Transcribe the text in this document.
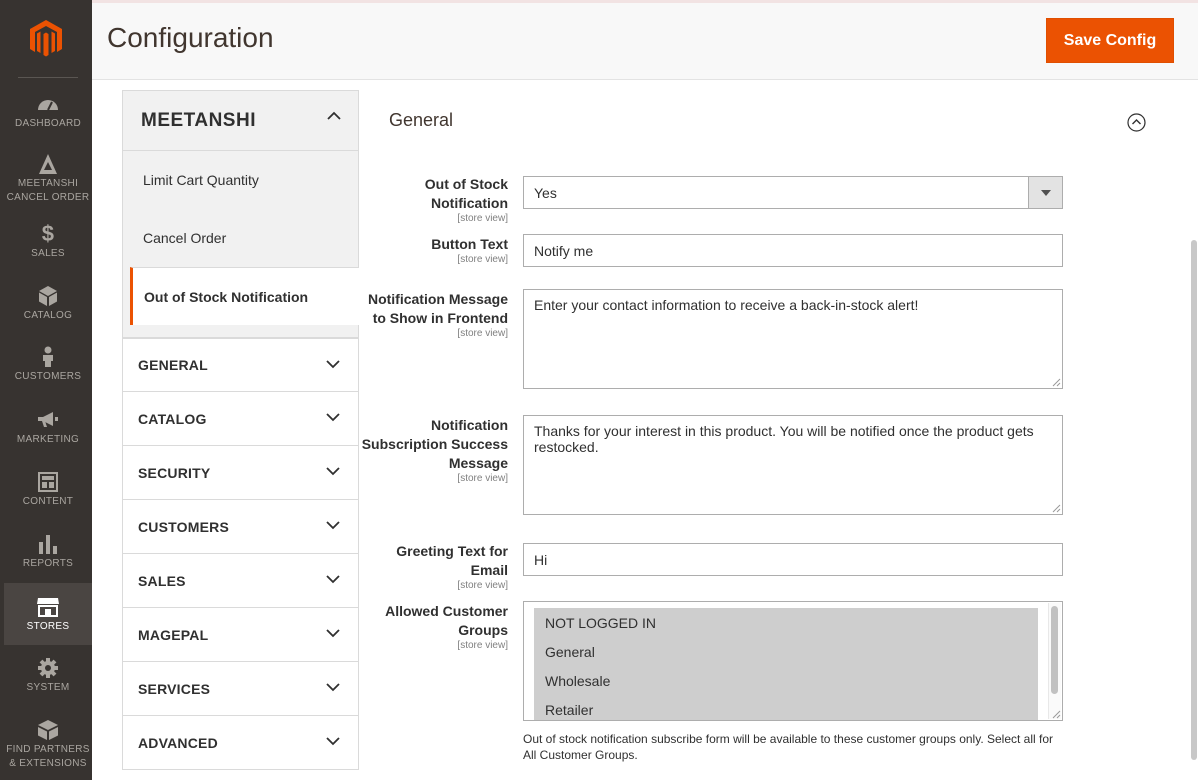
DASHBOARD
MEETANSHI
CANCEL ORDER
$
SALES
CATALOG
CUSTOMERS
MARKETING
CONTENT
REPORTS
STORES
SYSTEM
FIND PARTNERS
& EXTENSIONS
Configuration	Save Config
MEETANSHI
Limit Cart Quantity
Cancel Order
Out of Stock Notification
GENERAL
CATALOG
SECURITY
CUSTOMERS
SALES
MAGEPAL
SERVICES
ADVANCED
General
Out of Stock Notification
[store view]
Yes
Button Text
[store view]
Notify me
Notification Message to Show in Frontend
[store view]
Enter your contact information to receive a back-in-stock alert!
Notification Subscription Success Message
[store view]
Thanks for your interest in this product. You will be notified once the product gets restocked.
Greeting Text for Email
[store view]
Hi
Allowed Customer Groups
[store view]
NOT LOGGED IN
General
Wholesale
Retailer
Out of stock notification subscribe form will be available to these customer groups only. Select all for All Customer Groups.
